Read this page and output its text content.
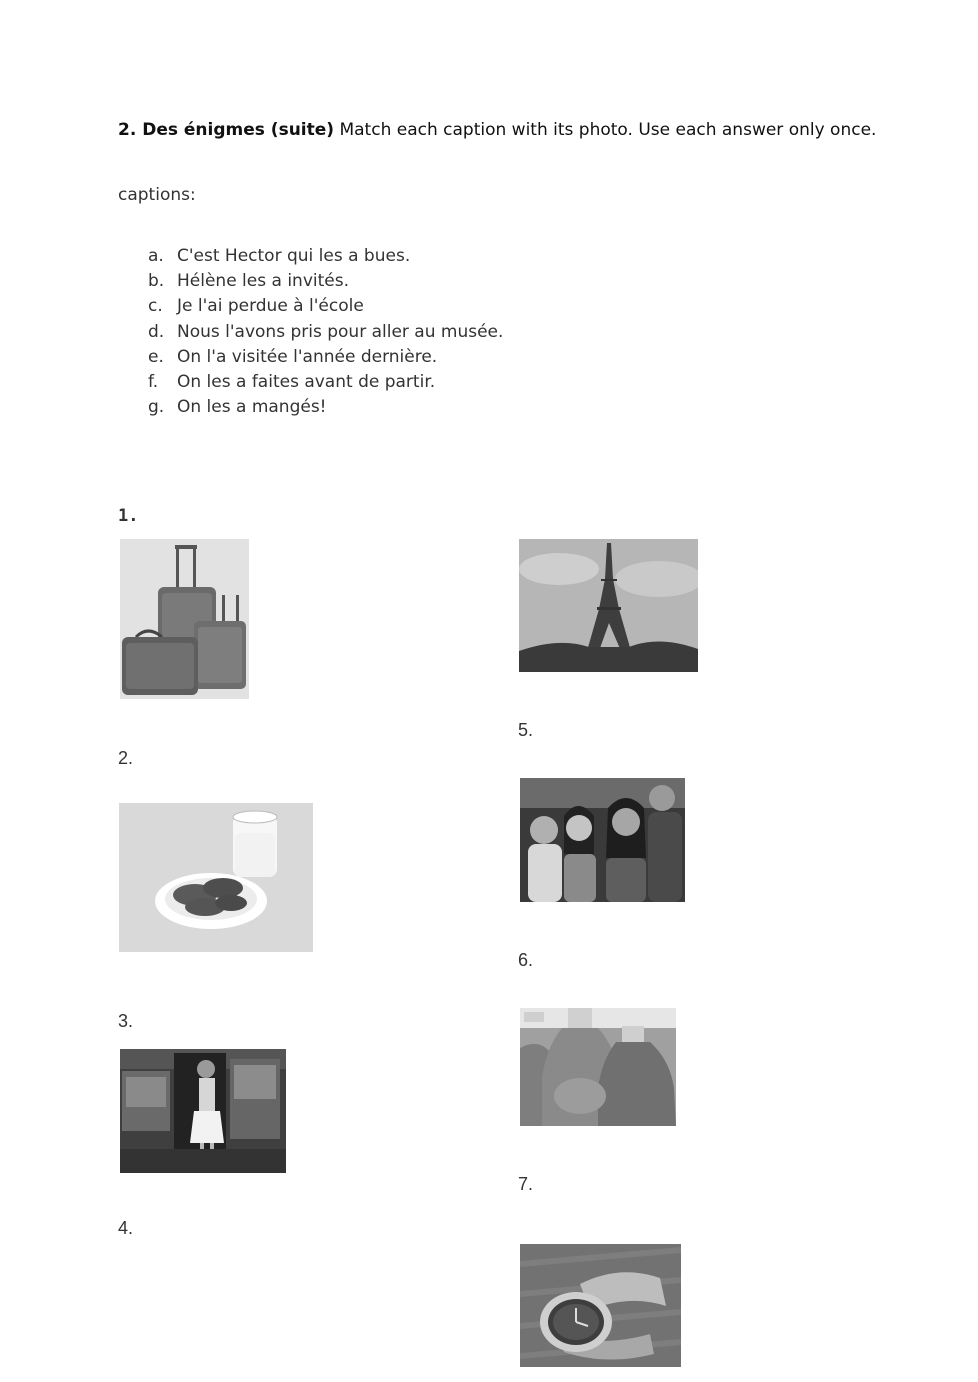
2. Des énigmes (suite) Match each caption with its photo. Use each answer only once.
captions:
a. C'est Hector qui les a bues.
b. Hélène les a invités.
c. Je l'ai perdue à l'école
d. Nous l'avons pris pour aller au musée.
e. On l'a visitée l'année dernière.
f. On les a faites avant de partir.
g. On les a mangés!
1.
2.
3.
4.
5.
6.
7.
